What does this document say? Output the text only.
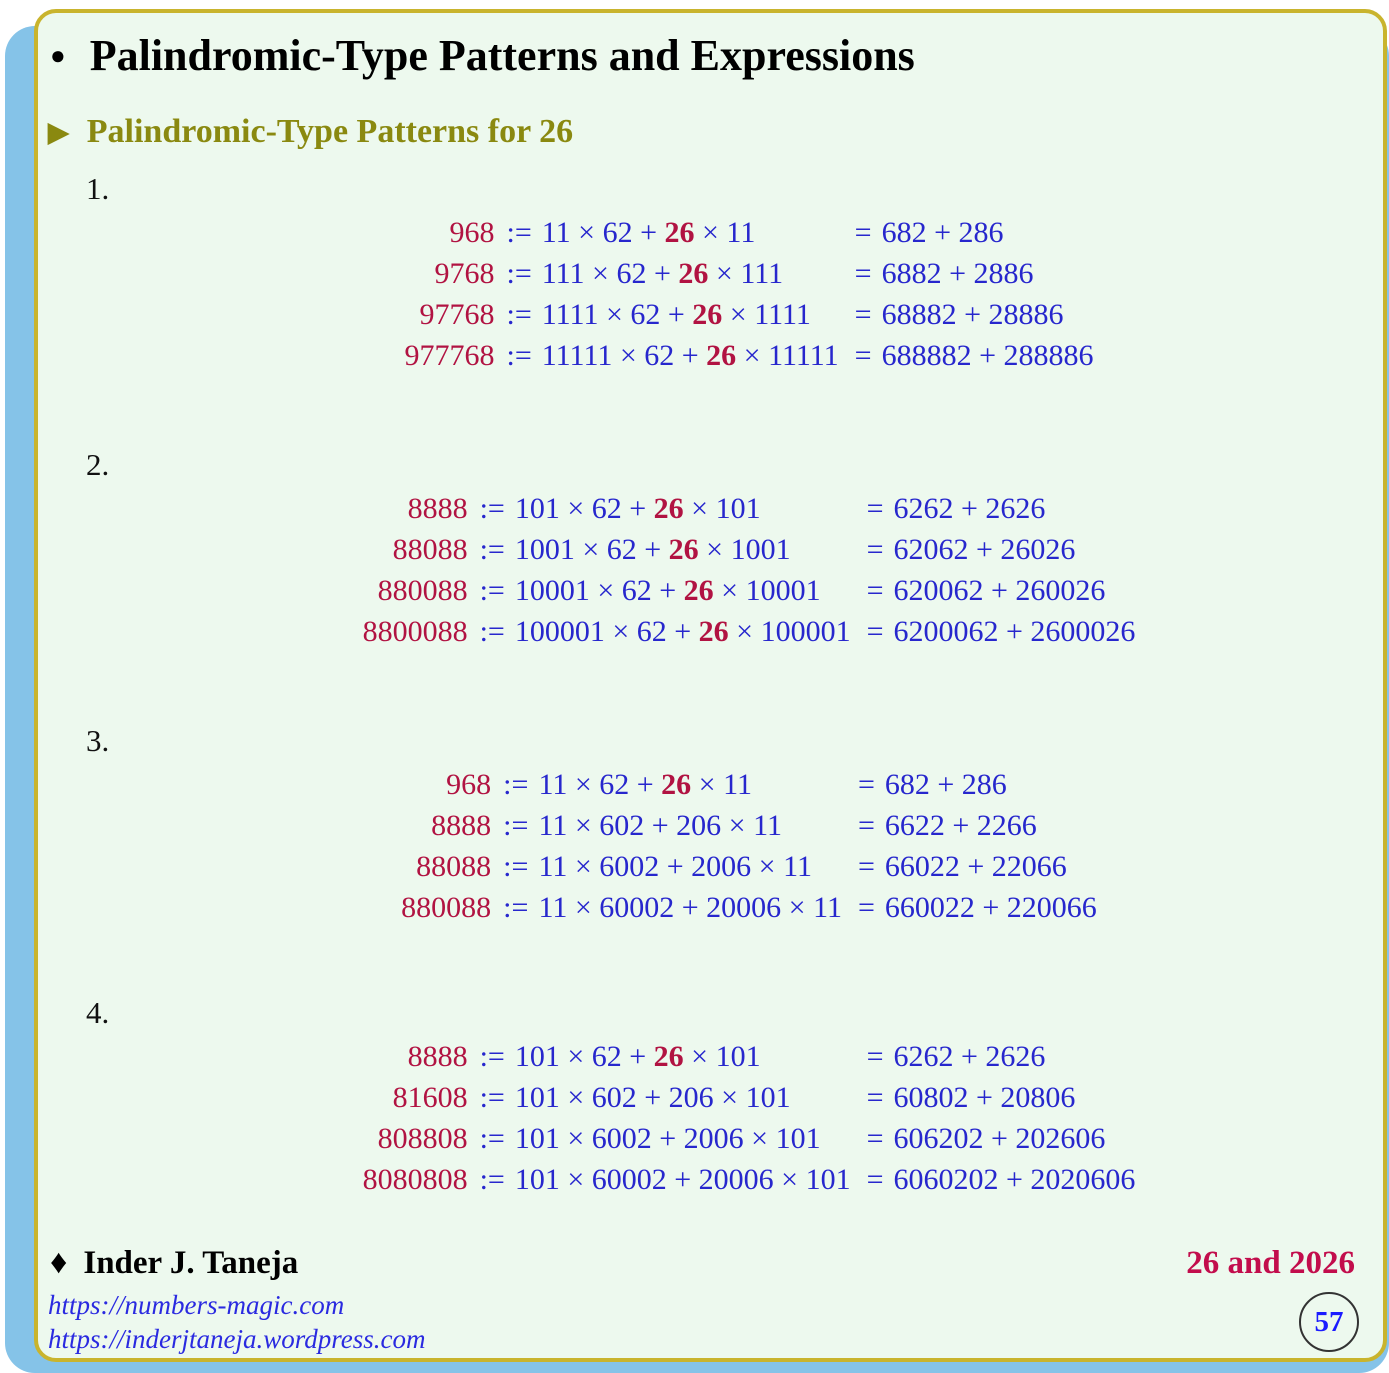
● Palindromic-Type Patterns and Expressions
▶ Palindromic-Type Patterns for 26
1.
968 := 11 × 62 + 26 × 11	= 682 + 286
9768 := 111 × 62 + 26 × 111	= 6882 + 2886
97768 := 1111 × 62 + 26 × 1111	= 68882 + 28886
977768 := 11111 × 62 + 26 × 11111 = 688882 + 288886
2.
8888 := 101 × 62 + 26 × 101	= 6262 + 2626
88088 := 1001 × 62 + 26 × 1001	= 62062 + 26026
880088 := 10001 × 62 + 26 × 10001	= 620062 + 260026
8800088 := 100001 × 62 + 26 × 100001 = 6200062 + 2600026
3.
968 := 11 × 62 + 26 × 11	= 682 + 286
8888 := 11 × 602 + 206 × 11	= 6622 + 2266
88088 := 11 × 6002 + 2006 × 11	= 66022 + 22066
880088 := 11 × 60002 + 20006 × 11 = 660022 + 220066
4.
8888 := 101 × 62 + 26 × 101	= 6262 + 2626
81608 := 101 × 602 + 206 × 101	= 60802 + 20806
808808 := 101 × 6002 + 2006 × 101	= 606202 + 202606
8080808 := 101 × 60002 + 20006 × 101 = 6060202 + 2020606
♦ Inder J. Taneja
https://numbers-magic.com
https://inderjtaneja.wordpress.com
26 and 2026
57
